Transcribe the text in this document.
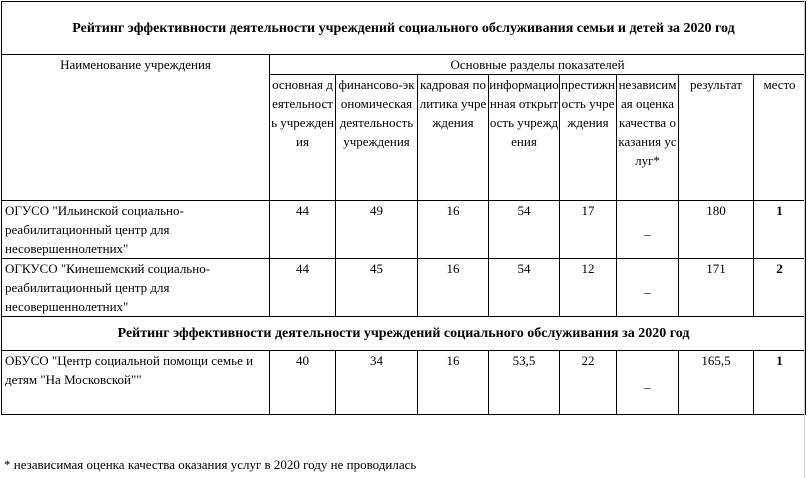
Рейтинг эффективности деятельности учреждений социального обслуживания семьи и детей за 2020 год								
Наименование учреждения	Основные разделы показателей							
	основная деятельность учреждения	финансово-экономическая деятельность учреждения	кадровая политика учреждения	информационная открытость учреждения	престижность учреждения	независимая оценка качества оказания услуг*	результат	место
ОГУСО "Ильинской социально-реабилитационный центр для несовершеннолетних"	44	49	16	54	17	_	180	1
ОГКУСО "Кинешемский социально-реабилитационный центр для несовершеннолетних"	44	45	16	54	12	_	171	2
Рейтинг эффективности деятельности учреждений социального обслуживания за 2020 год								
ОБУСО "Центр социальной помощи семье и детям "На Московской""	40	34	16	53,5	22	_	165,5	1
* независимая оценка качества оказания услуг в 2020 году не проводилась
